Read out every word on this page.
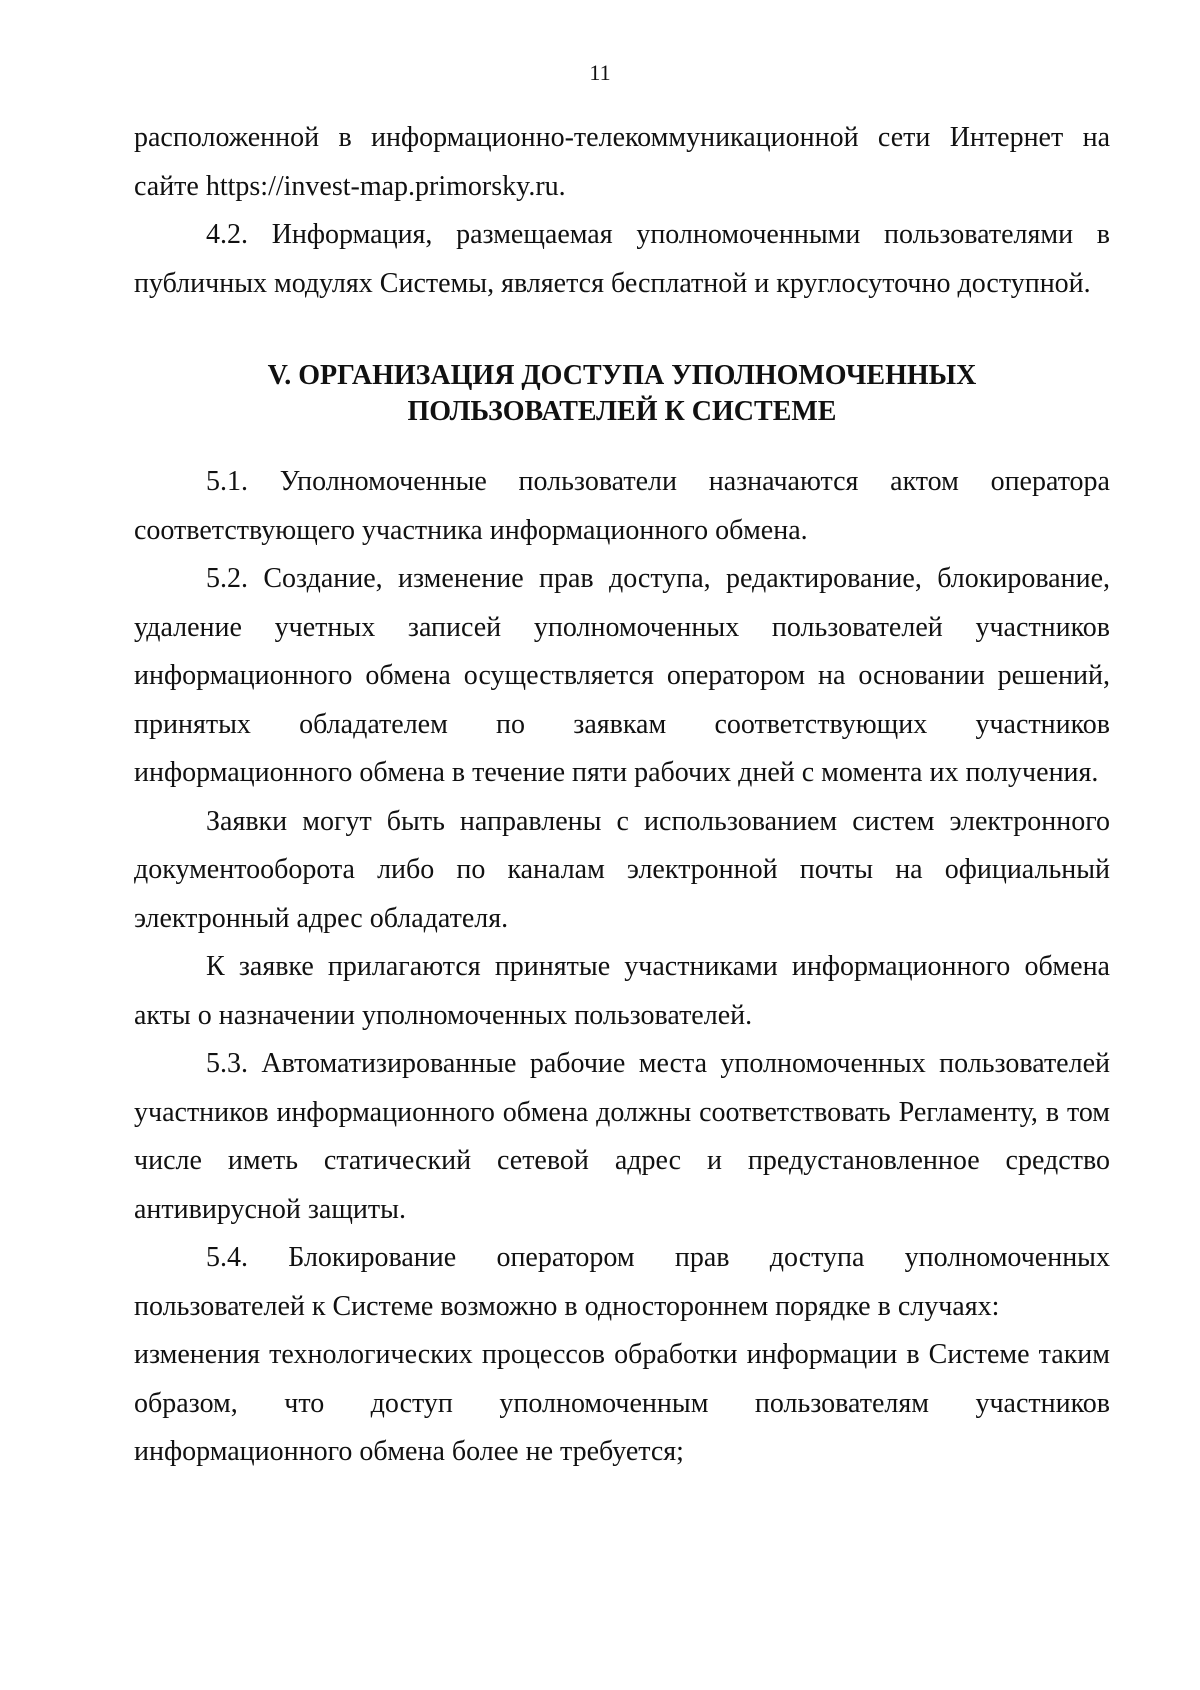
11

расположенной в информационно-телекоммуникационной сети Интернет на сайте https://invest-map.primorsky.ru.

4.2. Информация, размещаемая уполномоченными пользователями в публичных модулях Системы, является бесплатной и круглосуточно доступной.

V. ОРГАНИЗАЦИЯ ДОСТУПА УПОЛНОМОЧЕННЫХ
ПОЛЬЗОВАТЕЛЕЙ К СИСТЕМЕ

5.1. Уполномоченные пользователи назначаются актом оператора соответствующего участника информационного обмена.

5.2. Создание, изменение прав доступа, редактирование, блокирование, удаление учетных записей уполномоченных пользователей участников информационного обмена осуществляется оператором на основании решений, принятых обладателем по заявкам соответствующих участников информационного обмена в течение пяти рабочих дней с момента их получения.

Заявки могут быть направлены с использованием систем электронного документооборота либо по каналам электронной почты на официальный электронный адрес обладателя.

К заявке прилагаются принятые участниками информационного обмена акты о назначении уполномоченных пользователей.

5.3. Автоматизированные рабочие места уполномоченных пользователей участников информационного обмена должны соответствовать Регламенту, в том числе иметь статический сетевой адрес и предустановленное средство антивирусной защиты.

5.4. Блокирование оператором прав доступа уполномоченных пользователей к Системе возможно в одностороннем порядке в случаях:

изменения технологических процессов обработки информации в Системе таким образом, что доступ уполномоченным пользователям участников информационного обмена более не требуется;
